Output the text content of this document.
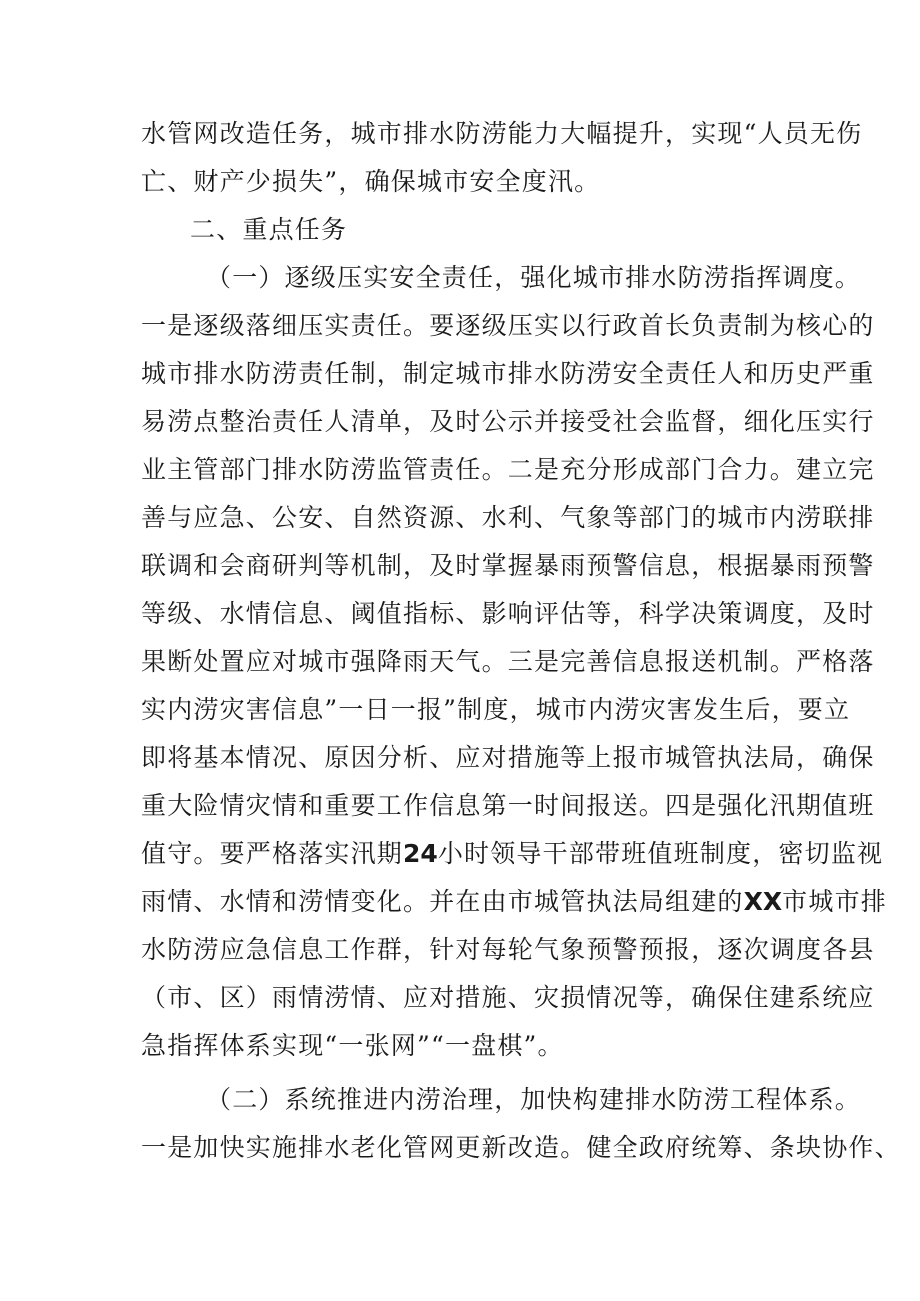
水管网改造任务，城市排水防涝能力大幅提升，实现“人员无伤
亡、财产少损失”，确保城市安全度汛。
二、重点任务
（一）逐级压实安全责任，强化城市排水防涝指挥调度。
一是逐级落细压实责任。要逐级压实以行政首长负责制为核心的
城市排水防涝责任制，制定城市排水防涝安全责任人和历史严重
易涝点整治责任人清单，及时公示并接受社会监督，细化压实行
业主管部门排水防涝监管责任。二是充分形成部门合力。建立完
善与应急、公安、自然资源、水利、气象等部门的城市内涝联排
联调和会商研判等机制，及时掌握暴雨预警信息，根据暴雨预警
等级、水情信息、阈值指标、影响评估等，科学决策调度，及时
果断处置应对城市强降雨天气。三是完善信息报送机制。严格落
实内涝灾害信息”一日一报”制度，城市内涝灾害发生后，要立
即将基本情况、原因分析、应对措施等上报市城管执法局，确保
重大险情灾情和重要工作信息第一时间报送。四是强化汛期值班
值守。要严格落实汛期24小时领导干部带班值班制度，密切监视
雨情、水情和涝情变化。并在由市城管执法局组建的XX市城市排
水防涝应急信息工作群，针对每轮气象预警预报，逐次调度各县
（市、区）雨情涝情、应对措施、灾损情况等，确保住建系统应
急指挥体系实现“一张网”“一盘棋”。
（二）系统推进内涝治理，加快构建排水防涝工程体系。
一是加快实施排水老化管网更新改造。健全政府统筹、条块协作、
